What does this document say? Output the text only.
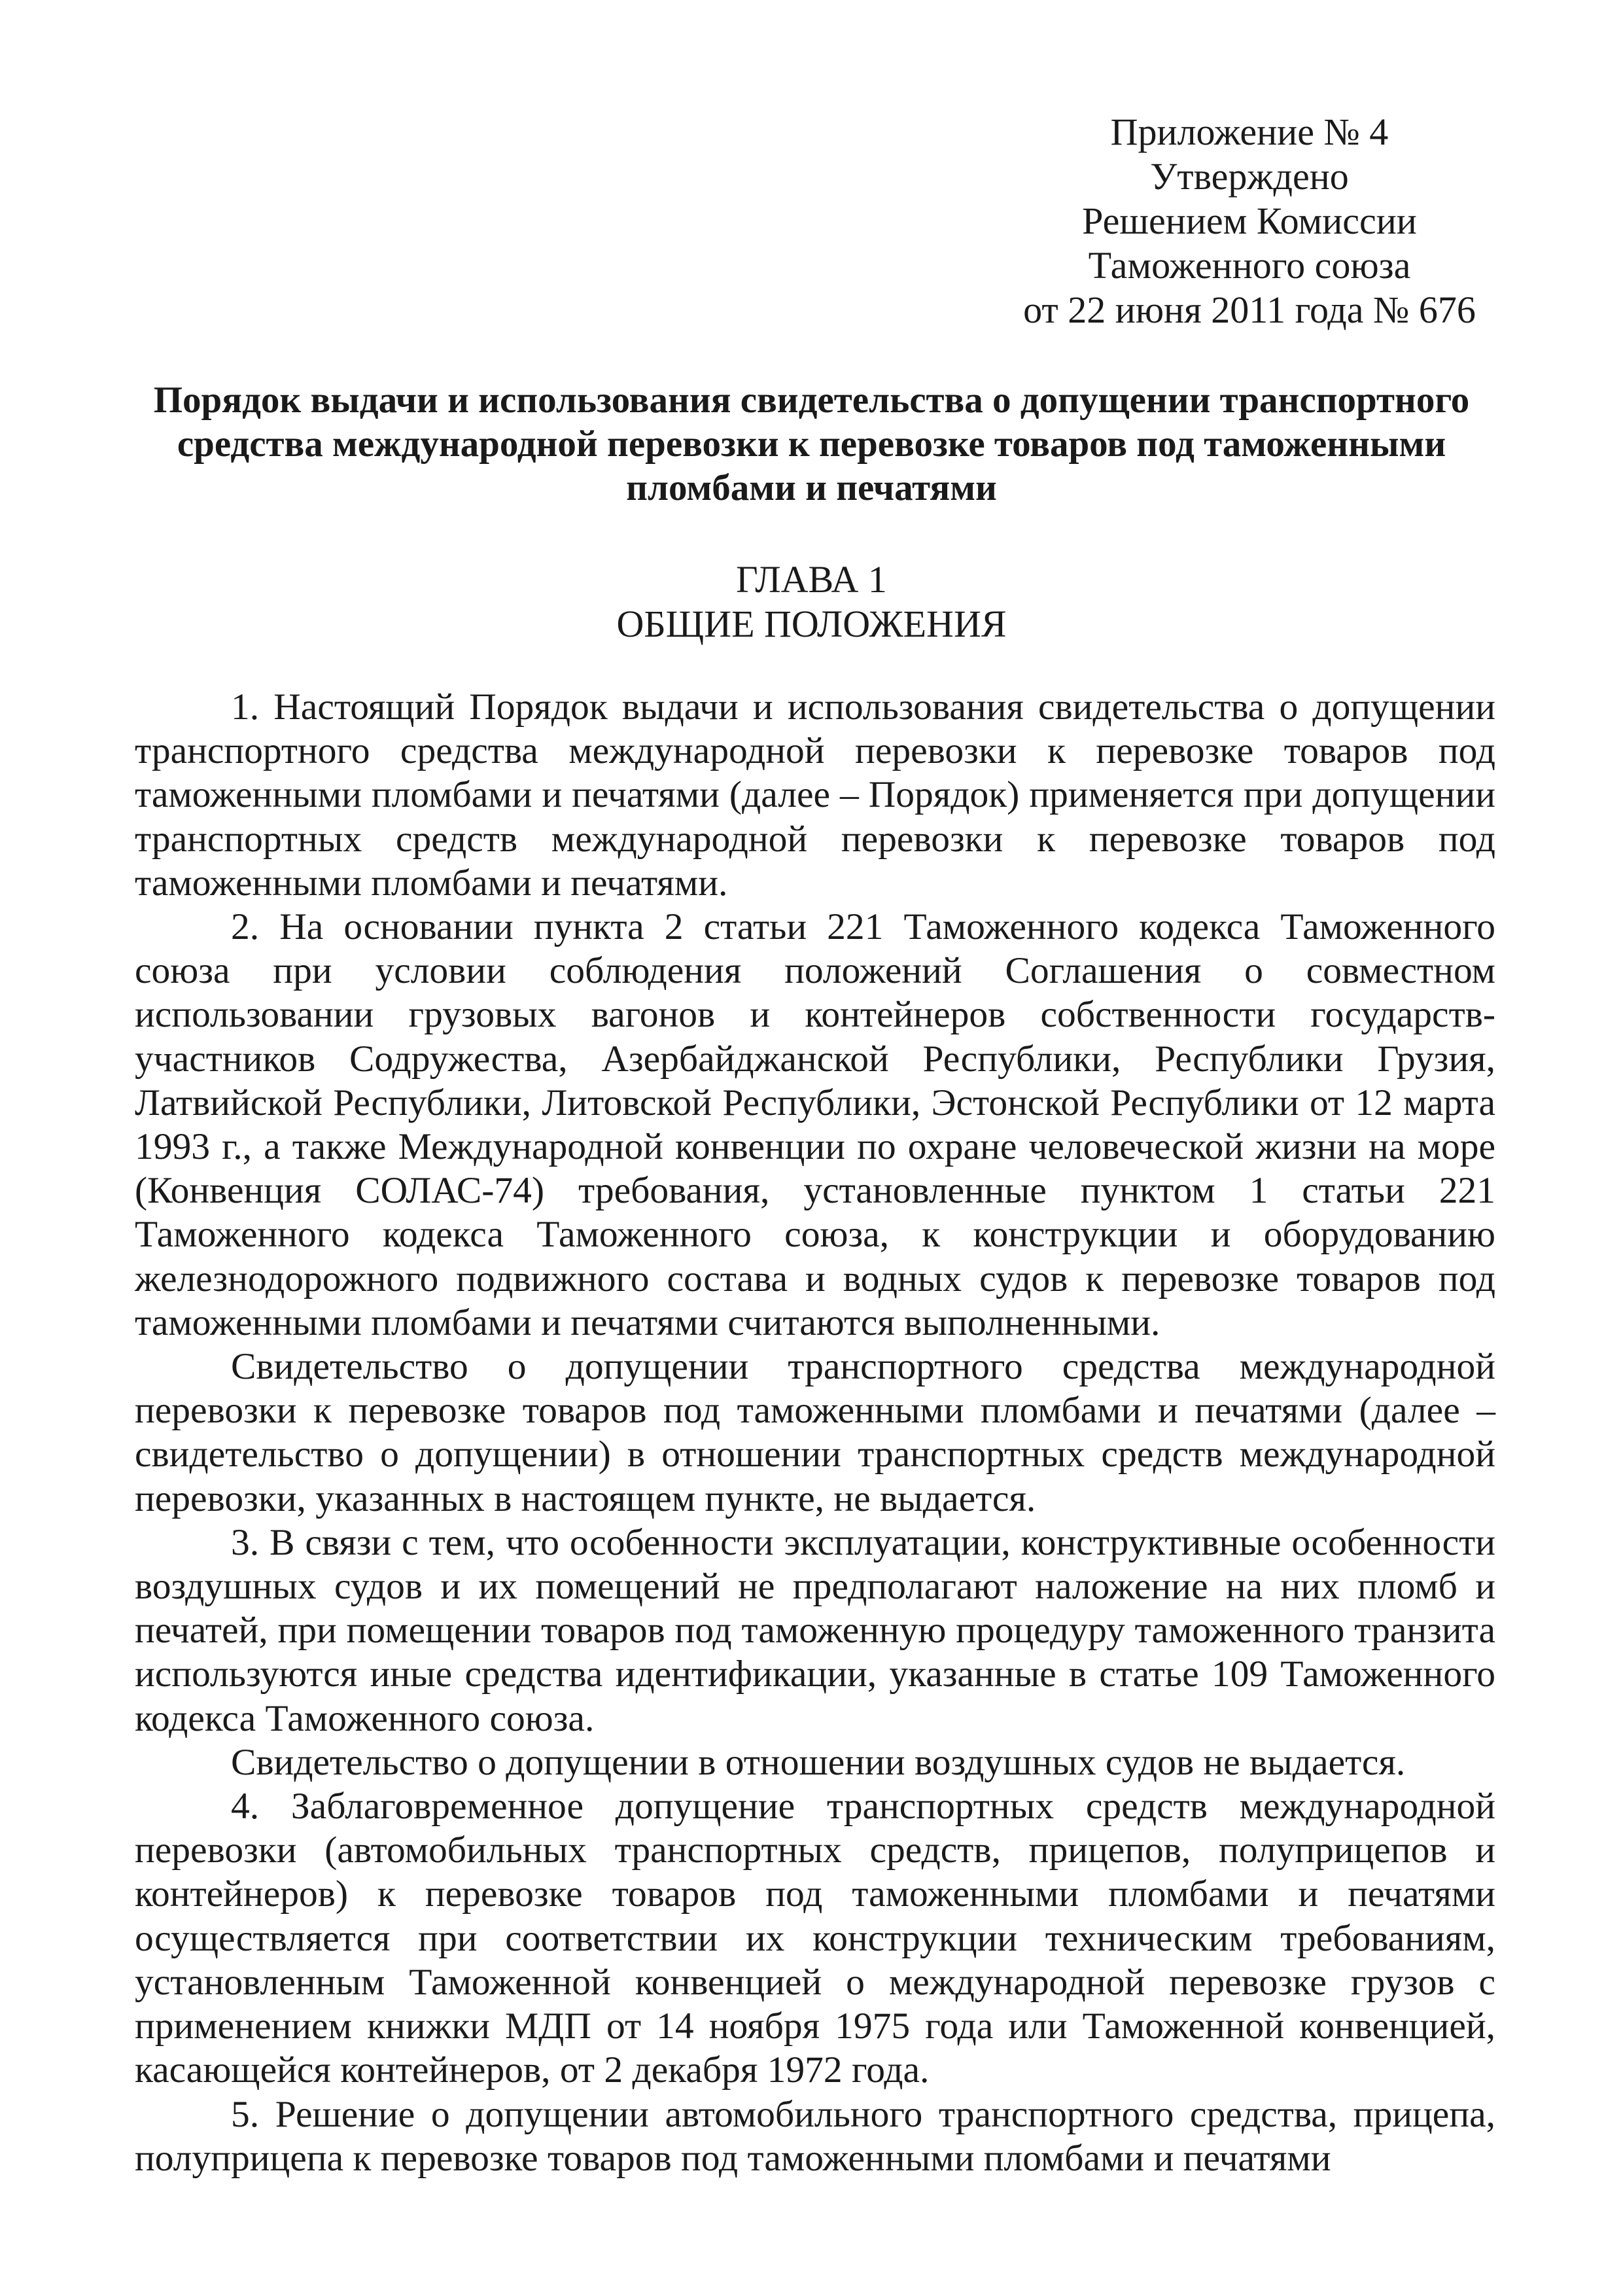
Приложение № 4
Утверждено
Решением Комиссии
Таможенного союза
от 22 июня 2011 года № 676
Порядок выдачи и использования свидетельства о допущении транспортного
средства международной перевозки к перевозке товаров под таможенными
пломбами и печатями
ГЛАВА 1
ОБЩИЕ ПОЛОЖЕНИЯ

1. Настоящий Порядок выдачи и использования свидетельства о допущении транспортного средства международной перевозки к перевозке товаров под таможенными пломбами и печатями (далее – Порядок) применяется при допущении транспортных средств международной перевозки к перевозке товаров под таможенными пломбами и печатями.

2. На основании пункта 2 статьи 221 Таможенного кодекса Таможенного союза при условии соблюдения положений Соглашения о совместном использовании грузовых вагонов и контейнеров собственности государств-участников Содружества, Азербайджанской Республики, Республики Грузия, Латвийской Республики, Литовской Республики, Эстонской Республики от 12 марта 1993 г., а также Международной конвенции по охране человеческой жизни на море (Конвенция СОЛАС-74) требования, установленные пунктом 1 статьи 221 Таможенного кодекса Таможенного союза, к конструкции и оборудованию железнодорожного подвижного состава и водных судов к перевозке товаров под таможенными пломбами и печатями считаются выполненными.

Свидетельство о допущении транспортного средства международной перевозки к перевозке товаров под таможенными пломбами и печатями (далее – свидетельство о допущении) в отношении транспортных средств международной перевозки, указанных в настоящем пункте, не выдается.

3. В связи с тем, что особенности эксплуатации, конструктивные особенности воздушных судов и их помещений не предполагают наложение на них пломб и печатей, при помещении товаров под таможенную процедуру таможенного транзита используются иные средства идентификации, указанные в статье 109 Таможенного кодекса Таможенного союза.

Свидетельство о допущении в отношении воздушных судов не выдается.

4. Заблаговременное допущение транспортных средств международной перевозки (автомобильных транспортных средств, прицепов, полуприцепов и контейнеров) к перевозке товаров под таможенными пломбами и печатями осуществляется при соответствии их конструкции техническим требованиям, установленным Таможенной конвенцией о международной перевозке грузов с применением книжки МДП от 14 ноября 1975 года или Таможенной конвенцией, касающейся контейнеров, от 2 декабря 1972 года.

5. Решение о допущении автомобильного транспортного средства, прицепа, полуприцепа к перевозке товаров под таможенными пломбами и печатями
